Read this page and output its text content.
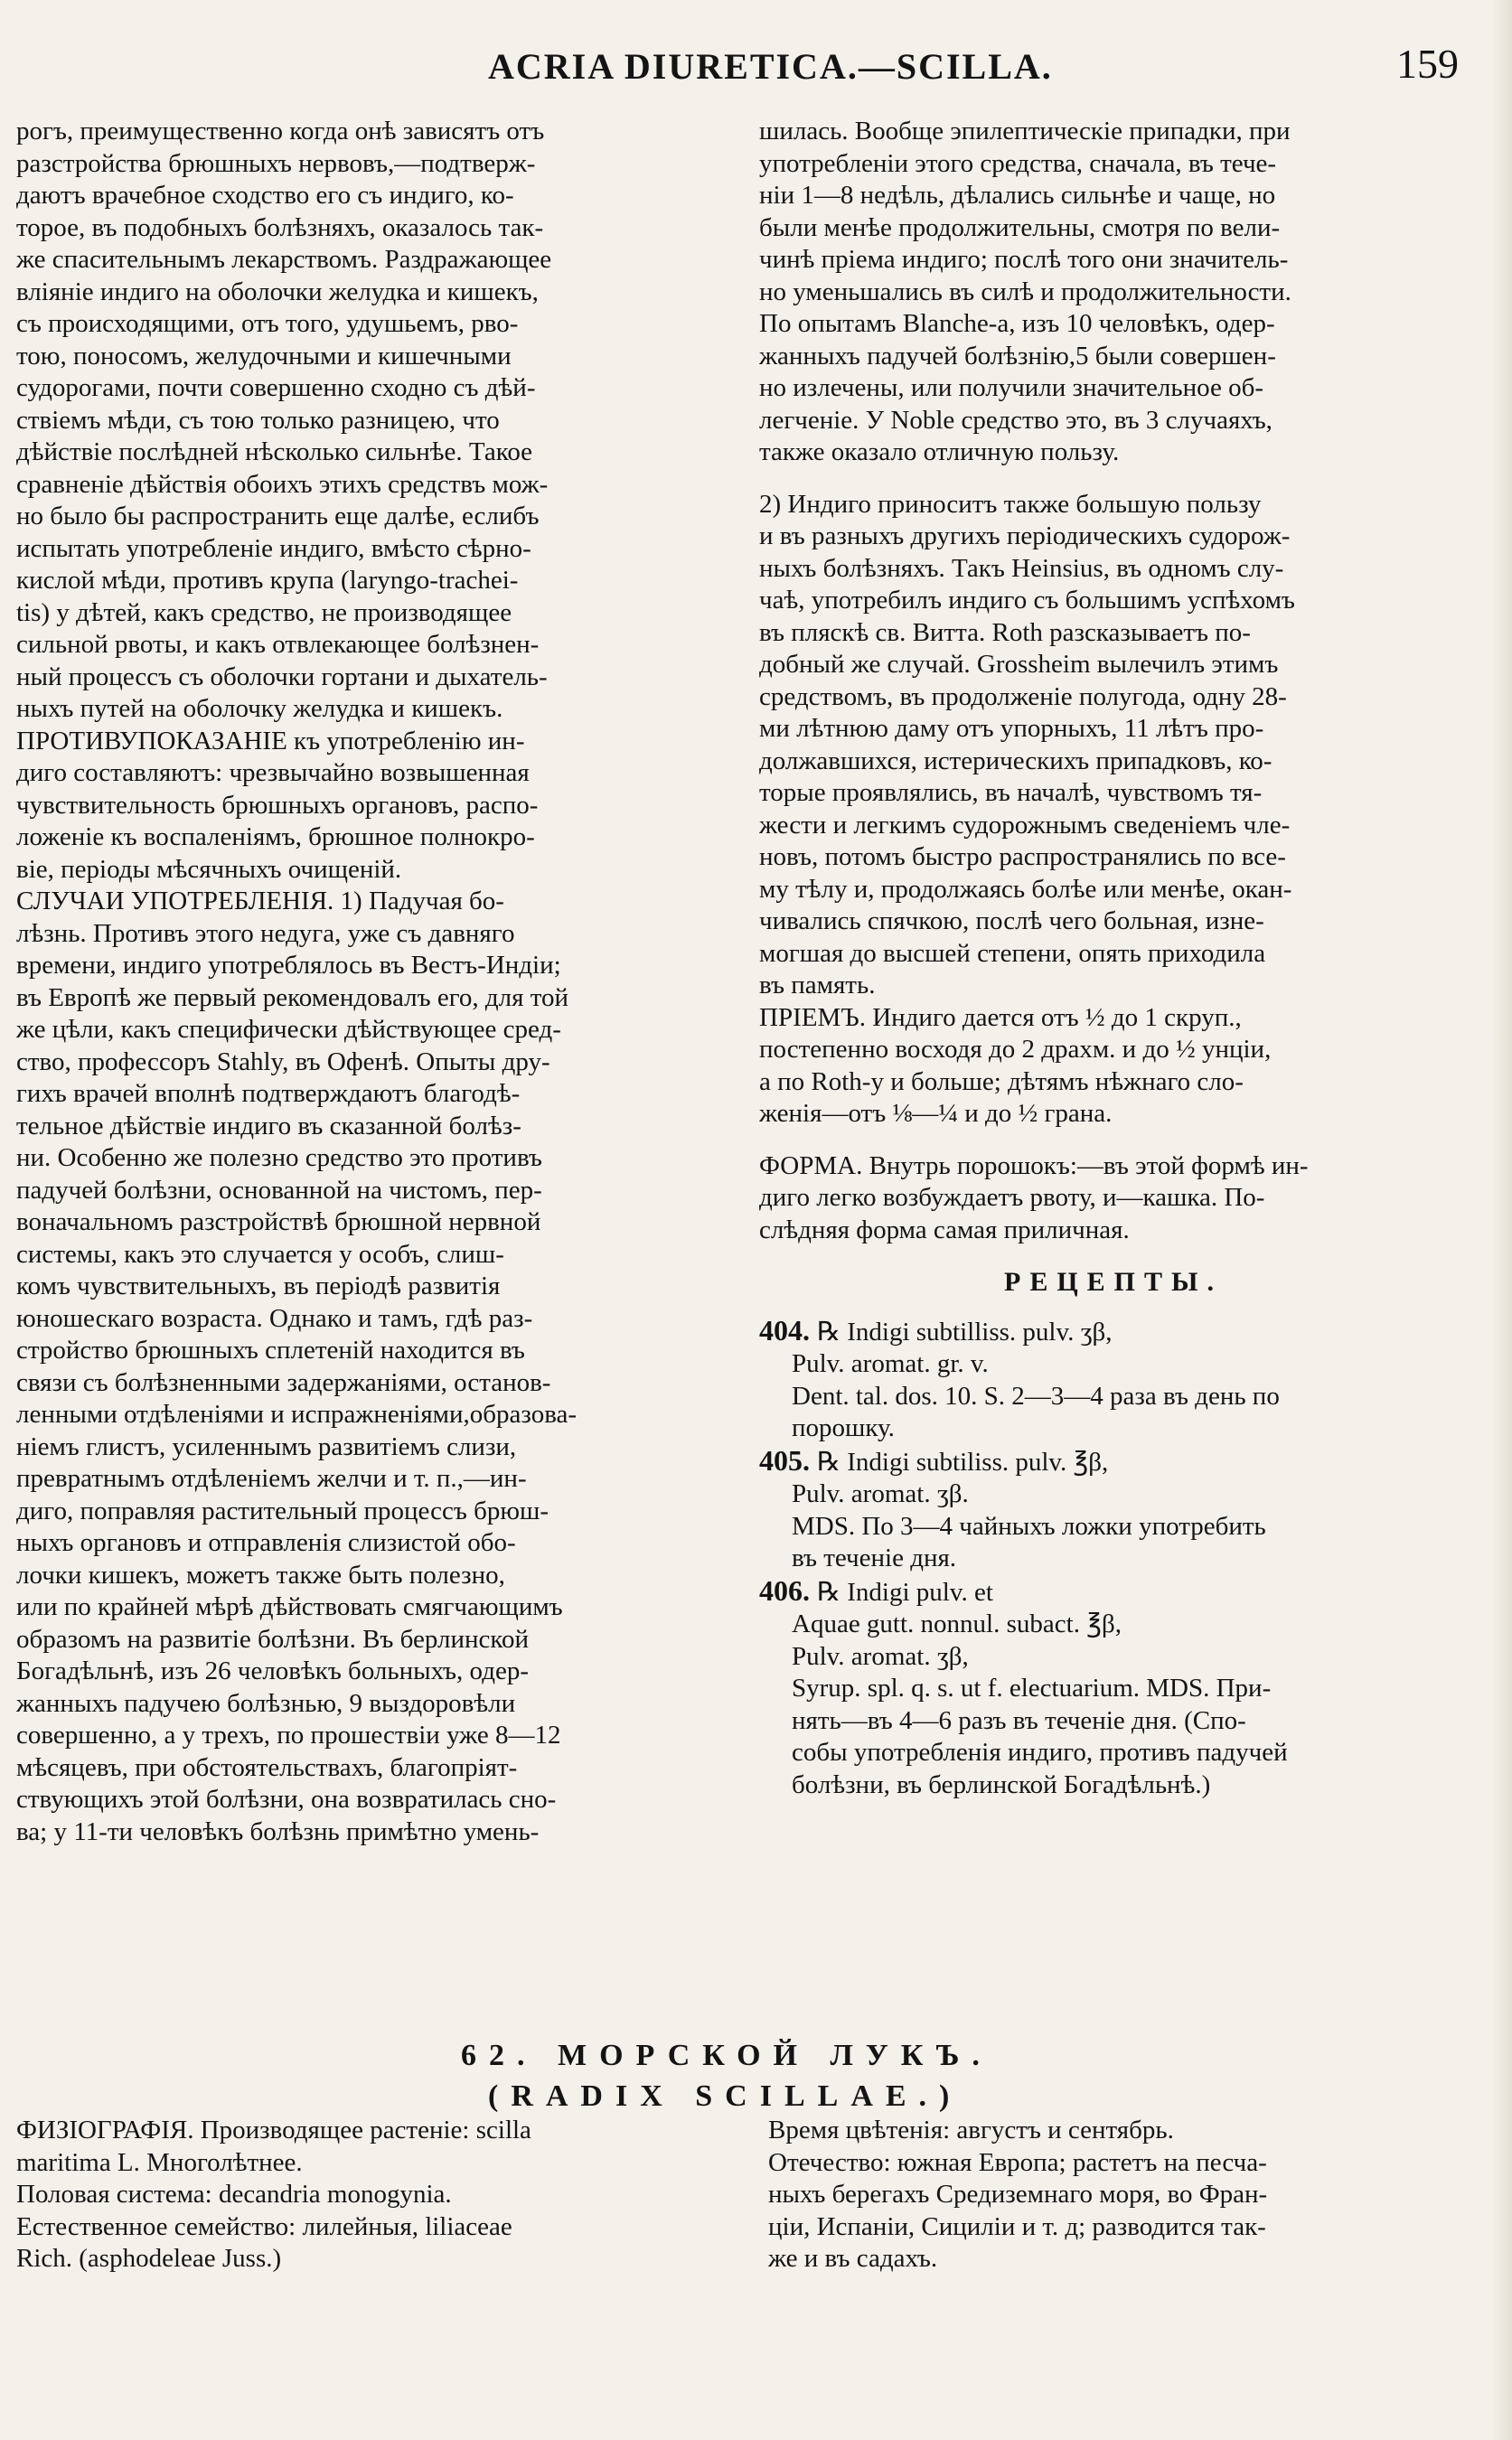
ACRIA DIURETICA.—SCILLA.	159
рогъ, преимущественно когда онѣ зависятъ отъ
разстройства брюшныхъ нервовъ,—подтверж-
даютъ врачебное сходство его съ индиго, ко-
торое, въ подобныхъ болѣзняхъ, оказалось так-
же спасительнымъ лекарствомъ. Раздражающее
вліяніе индиго на оболочки желудка и кишекъ,
съ происходящими, отъ того, удушьемъ, рво-
тою, поносомъ, желудочными и кишечными
судорогами, почти совершенно сходно съ дѣй-
ствіемъ мѣди, съ тою только разницею, что
дѣйствіе послѣдней нѣсколько сильнѣе. Такое
сравненіе дѣйствія обоихъ этихъ средствъ мож-
но было бы распространить еще далѣе, еслибъ
испытать употребленіе индиго, вмѣсто сѣрно-
кислой мѣди, противъ крупа (laryngo-trachei-
tis) у дѣтей, какъ средство, не производящее
сильной рвоты, и какъ отвлекающее болѣзнен-
ный процессъ съ оболочки гортани и дыхатель-
ныхъ путей на оболочку желудка и кишекъ.
ПРОТИВУПОКАЗАНІЕ къ употребленію ин-
диго составляютъ: чрезвычайно возвышенная
чувствительность брюшныхъ органовъ, распо-
ложеніе къ воспаленіямъ, брюшное полнокро-
віе, періоды мѣсячныхъ очищеній.
СЛУЧАИ УПОТРЕБЛЕНІЯ. 1) Падучая бо-
лѣзнь. Противъ этого недуга, уже съ давняго
времени, индиго употреблялось въ Вестъ-Индіи;
въ Европѣ же первый рекомендовалъ его, для той
же цѣли, какъ специфически дѣйствующее сред-
ство, професcоръ Stahly, въ Офенѣ. Опыты дру-
гихъ врачей вполнѣ подтверждаютъ благодѣ-
тельное дѣйствіе индиго въ сказанной болѣз-
ни. Особенно же полезно средство это противъ
падучей болѣзни, основанной на чистомъ, пер-
воначальномъ разстройствѣ брюшной нервной
системы, какъ это случается у особъ, слиш-
комъ чувствительныхъ, въ періодѣ развитія
юношескаго возраста. Однако и тамъ, гдѣ раз-
стройство брюшныхъ сплетеній находится въ
связи съ болѣзненными задержаніями, останов-
ленными отдѣленіями и испражненіями,образова-
ніемъ глистъ, усиленнымъ развитіемъ слизи,
превратнымъ отдѣленіемъ желчи и т. п.,—ин-
диго, поправляя растительный процессъ брюш-
ныхъ органовъ и отправленія слизистой обо-
лочки кишекъ, можетъ также быть полезно,
или по крайней мѣрѣ дѣйствовать смягчающимъ
образомъ на развитіе болѣзни. Въ берлинской
Богадѣльнѣ, изъ 26 человѣкъ больныхъ, одер-
жанныхъ падучею болѣзнью, 9 выздоровѣли
совершенно, а у трехъ, по прошествіи уже 8—12
мѣсяцевъ, при обстоятельствахъ, благопріят-
ствующихъ этой болѣзни, она возвратилась сно-
ва; у 11-ти человѣкъ болѣзнь примѣтно умень-
шилась. Вообще эпилептическіе припадки, при
употребленіи этого средства, сначала, въ тече-
ніи 1—8 недѣль, дѣлались сильнѣе и чаще, но
были менѣе продолжительны, смотря по вели-
чинѣ пріема индиго; послѣ того они значитель-
но уменьшались въ силѣ и продолжительности.
По опытамъ Blanche-а, изъ 10 человѣкъ, одер-
жанныхъ падучей болѣзнію,5 были совершен-
но излечены, или получили значительное об-
легченіе. У Noble средство это, въ 3 случаяхъ,
также оказало отличную пользу.
2) Индиго приноситъ также большую пользу
и въ разныхъ другихъ періодическихъ судорож-
ныхъ болѣзняхъ. Такъ Heinsius, въ одномъ слу-
чаѣ, употребилъ индиго съ большимъ успѣхомъ
въ пляскѣ св. Витта. Roth разсказываетъ по-
добный же случай. Grossheim вылечилъ этимъ
средствомъ, въ продолженіе полугода, одну 28-
ми лѣтнюю даму отъ упорныхъ, 11 лѣтъ про-
должавшихся, истерическихъ припадковъ, ко-
торые проявлялись, въ началѣ, чувствомъ тя-
жести и легкимъ судорожнымъ сведеніемъ чле-
новъ, потомъ быстро распространялись по все-
му тѣлу и, продолжаясь болѣе или менѣе, окан-
чивались спячкою, послѣ чего больная, изне-
могшая до высшей степени, опять приходила
въ память.
ПРІЕМЪ. Индиго дается отъ ½ до 1 скруп.,
постепенно восходя до 2 драхм. и до ½ унціи,
а по Roth-у и больше; дѣтямъ нѣжнаго сло-
женія—отъ ⅛—¼ и до ½ грана.
ФОРМА. Внутрь порошокъ:—въ этой формѣ ин-
диго легко возбуждаетъ рвоту, и—кашка. По-
слѣдняя форма самая приличная.
РЕЦЕПТЫ.
404. ℞ Indigi subtilliss. pulv. ʒβ,
Pulv. aromat. gr. v.
Dent. tal. dos. 10. S. 2—3—4 раза въ день по
порошку.
405. ℞ Indigi subtiliss. pulv. ℥β,
Pulv. aromat. ʒβ.
MDS. По 3—4 чайныхъ ложки употребить
въ теченіе дня.
406. ℞ Indigi pulv. et
Aquae gutt. nonnul. subact. ℥β,
Pulv. aromat. ʒβ,
Syrup. spl. q. s. ut f. electuarium. MDS. При-
нять—въ 4—6 разъ въ теченіе дня. (Спо-
собы употребленія индиго, противъ падучей
болѣзни, въ берлинской Богадѣльнѣ.)
62. МОРСКОЙ ЛУКЪ.
(RADIX SCILLAE.)
ФИЗІОГРАФІЯ. Производящее растеніе: scilla
maritima L. Многолѣтнее.
Половая система: decandria monogynia.
Естественное семейство: лилейныя, liliaceae
Rich. (asphodeleae Juss.)
Время цвѣтенія: августъ и сентябрь.
Отечество: южная Европа; растетъ на песча-
ныхъ берегахъ Средиземнаго моря, во Фран-
ціи, Испаніи, Сициліи и т. д; разводится так-
же и въ садахъ.
